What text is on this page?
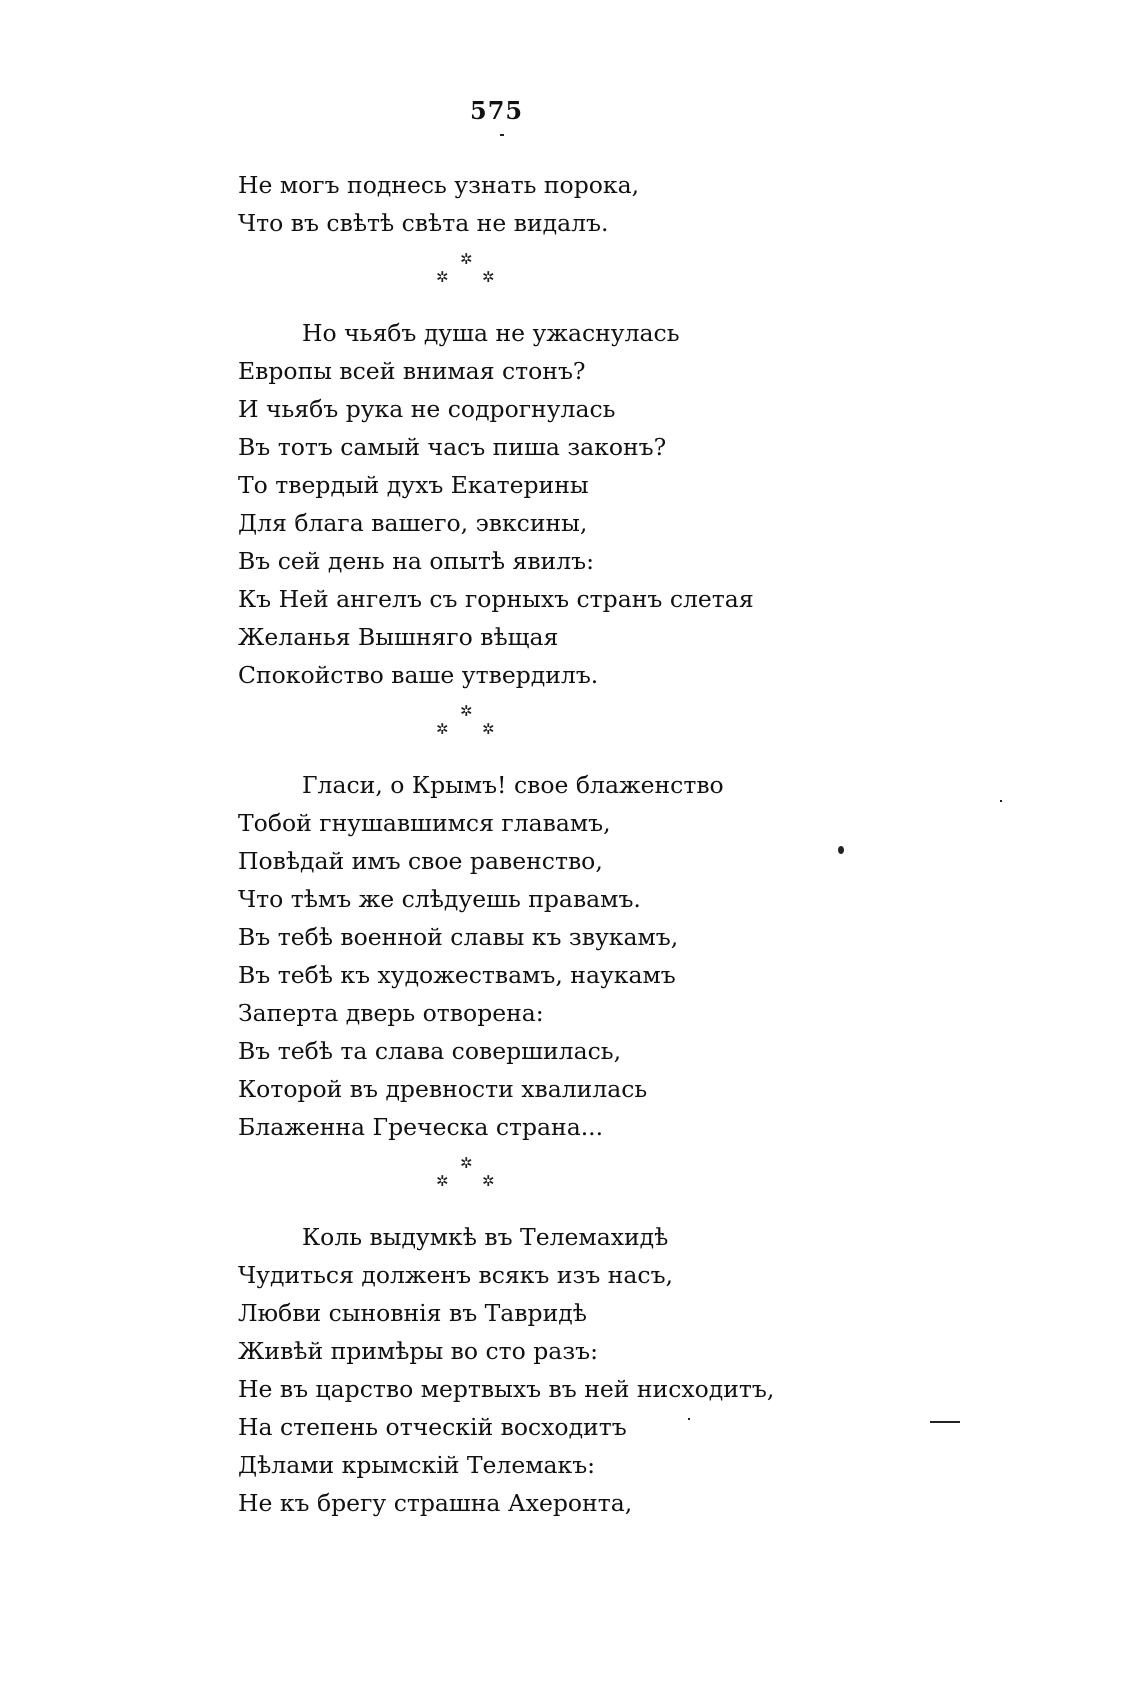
575
Не могъ поднесь узнать порока,
Что въ свѣтѣ свѣта не видалъ.
✲
✲ ✲
Но чьябъ душа не ужаснулась
Европы всей внимая стонъ?
И чьябъ рука не содрогнулась
Въ тотъ самый часъ пиша законъ?
То твердый духъ Екатерины
Для блага вашего, эвксины,
Въ сей день на опытѣ явилъ:
Къ Ней ангелъ съ горныхъ странъ слетая
Желанья Вышняго вѣщая
Спокойство ваше утвердилъ.
✲
✲ ✲
Гласи, о Крымъ! свое блаженство
Тобой гнушавшимся главамъ,
Повѣдай имъ свое равенство,
Что тѣмъ же слѣдуешь правамъ.
Въ тебѣ военной славы къ звукамъ,
Въ тебѣ къ художествамъ, наукамъ
Заперта дверь отворена:
Въ тебѣ та слава совершилась,
Которой въ древности хвалилась
Блаженна Греческа страна...
✲
✲ ✲
Коль выдумкѣ въ Телемахидѣ
Чудиться долженъ всякъ изъ насъ,
Любви сыновнія въ Тавридѣ
Живѣй примѣры во сто разъ:
Не въ царство мертвыхъ въ ней нисходитъ,
На степень отческій восходитъ
Дѣлами крымскій Телемакъ:
Не къ брегу страшна Ахеронта,
